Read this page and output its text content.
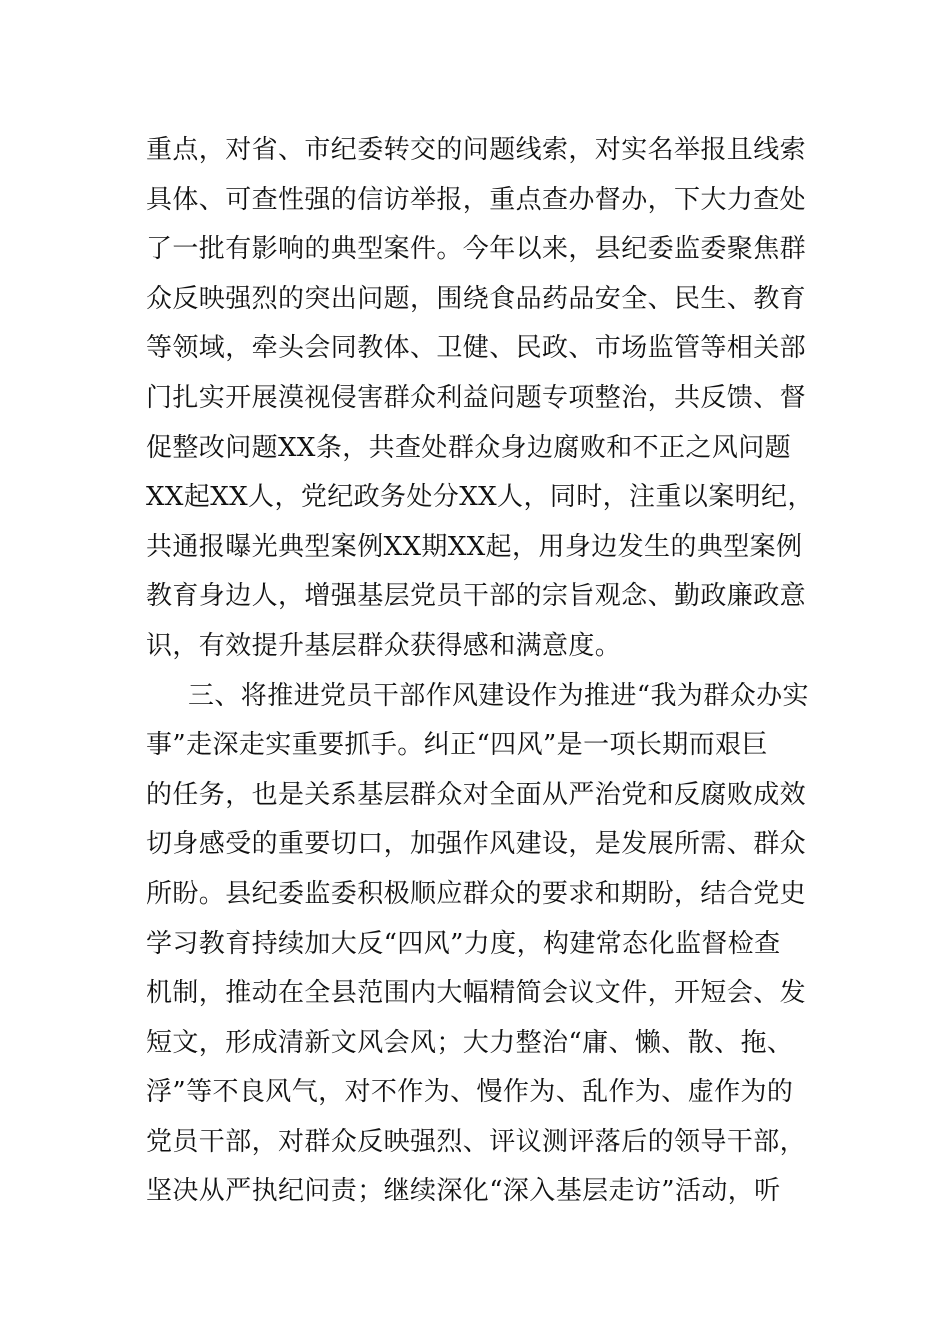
重点，对省、市纪委转交的问题线索，对实名举报且线索
具体、可查性强的信访举报，重点查办督办，下大力查处
了一批有影响的典型案件。今年以来，县纪委监委聚焦群
众反映强烈的突出问题，围绕食品药品安全、民生、教育
等领域，牵头会同教体、卫健、民政、市场监管等相关部
门扎实开展漠视侵害群众利益问题专项整治，共反馈、督
促整改问题XX条，共查处群众身边腐败和不正之风问题
XX起XX人，党纪政务处分XX人，同时，注重以案明纪，
共通报曝光典型案例XX期XX起，用身边发生的典型案例
教育身边人，增强基层党员干部的宗旨观念、勤政廉政意
识，有效提升基层群众获得感和满意度。
三、将推进党员干部作风建设作为推进“我为群众办实
事”走深走实重要抓手。纠正“四风”是一项长期而艰巨
的任务，也是关系基层群众对全面从严治党和反腐败成效
切身感受的重要切口，加强作风建设，是发展所需、群众
所盼。县纪委监委积极顺应群众的要求和期盼，结合党史
学习教育持续加大反“四风”力度，构建常态化监督检查
机制，推动在全县范围内大幅精简会议文件，开短会、发
短文，形成清新文风会风；大力整治“庸、懒、散、拖、
浮”等不良风气，对不作为、慢作为、乱作为、虚作为的
党员干部，对群众反映强烈、评议测评落后的领导干部，
坚决从严执纪问责；继续深化“深入基层走访”活动，听
